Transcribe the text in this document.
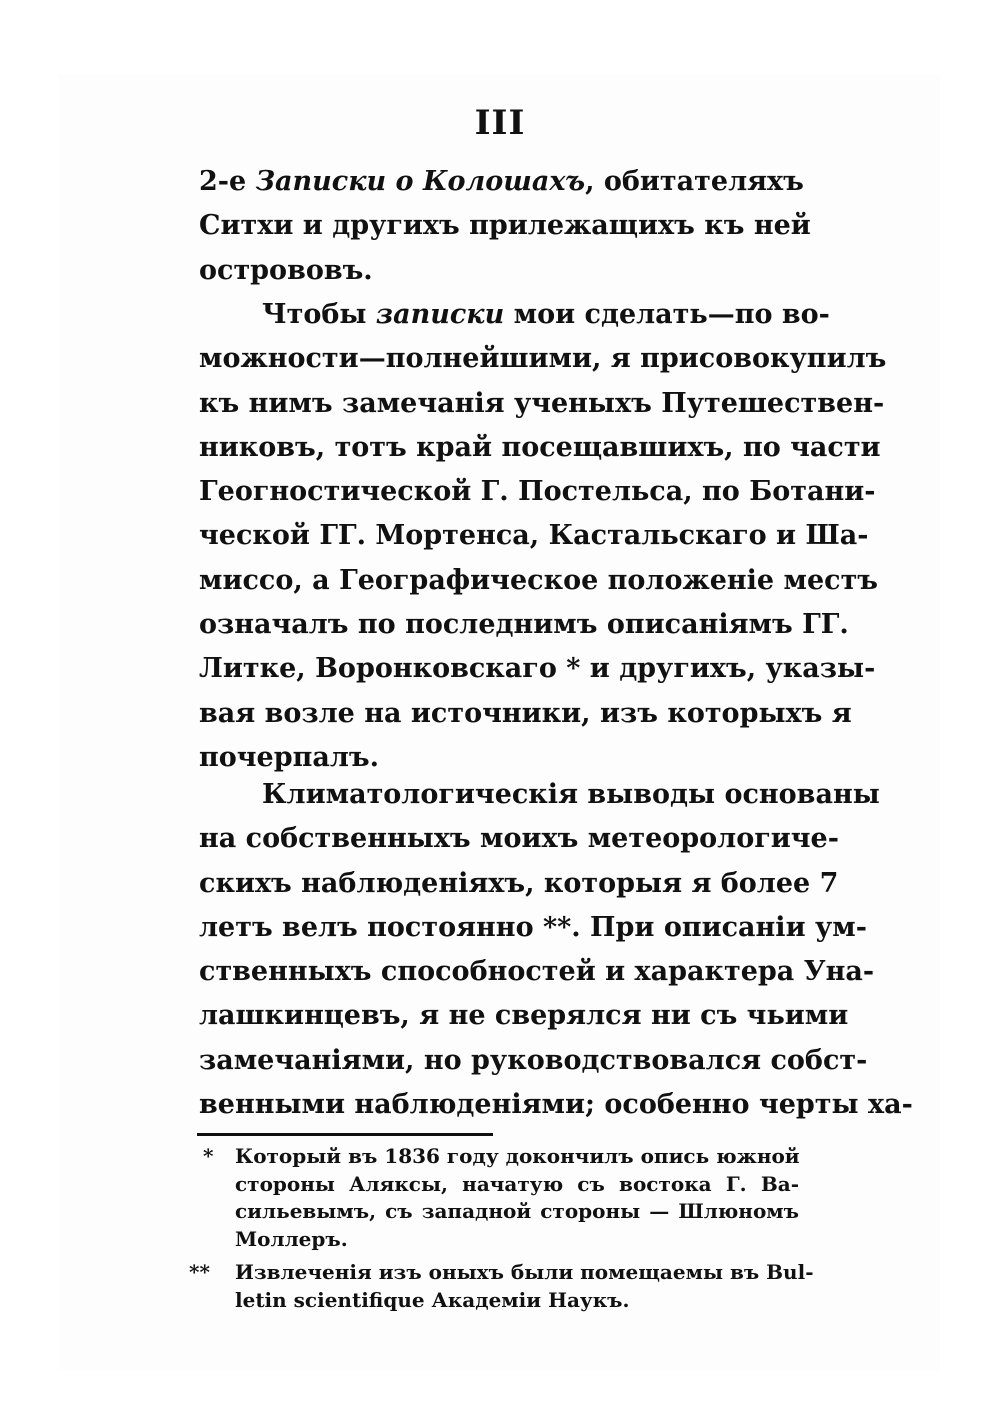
III
2-е Записки о Колошахъ, обитателяхъ
Ситхи и другихъ прилежащихъ къ ней
острововъ.
Чтобы записки мои сделать—по во-
можности—полнейшими, я присовокупилъ
къ нимъ замечанія ученыхъ Путешествен-
никовъ, тотъ край посещавшихъ, по части
Геогностической Г. Постельса, по Ботани-
ческой ГГ. Мортенса, Кастальскаго и Ша-
миссо, а Географическое положеніе местъ
означалъ по последнимъ описаніямъ ГГ.
Литке, Воронковскаго * и другихъ, указы-
вая возле на источники, изъ которыхъ я
почерпалъ.
Климатологическія выводы основаны
на собственныхъ моихъ метеорологиче-
скихъ наблюденіяхъ, которыя я более 7
летъ велъ постоянно **. При описаніи ум-
ственныхъ способностей и характера Уна-
лашкинцевъ, я не сверялся ни съ чьими
замечаніями, но руководствовался собст-
венными наблюденіями; особенно черты ха-
* Который въ 1836 году докончилъ опись южной
стороны Аляксы, начатую съ востока Г. Ва-
сильевымъ, съ западной стороны — Шлюномъ
Моллеръ.
** Извлеченія изъ оныхъ были помещаемы въ Bul-
letin scientifique Академіи Наукъ.
